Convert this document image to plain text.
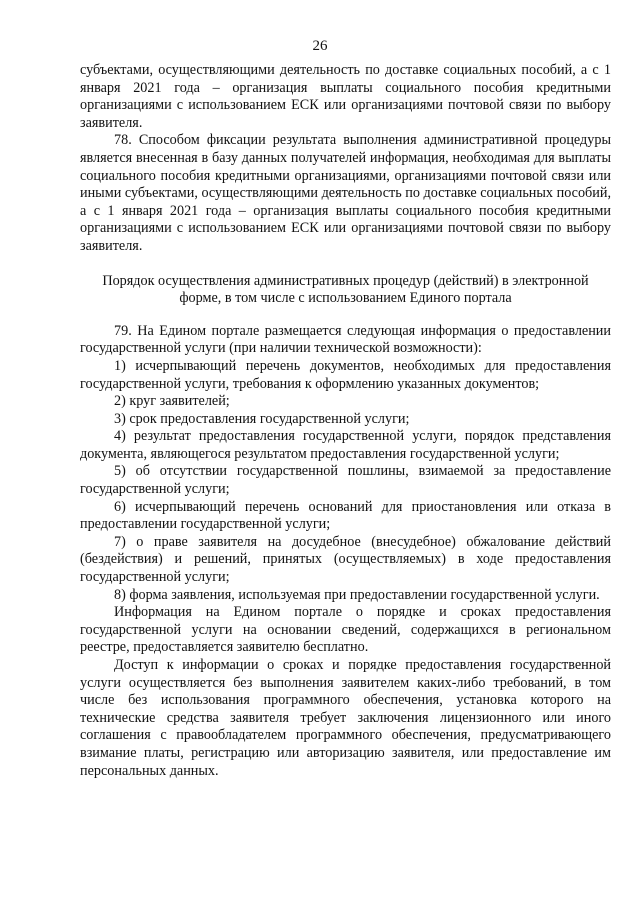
26

субъектами, осуществляющими деятельность по доставке социальных пособий, а с 1 января 2021 года – организация выплаты социального пособия кредитными организациями с использованием ЕСК или организациями почтовой связи по выбору заявителя.

78. Способом фиксации результата выполнения административной процедуры является внесенная в базу данных получателей информация, необходимая для выплаты социального пособия кредитными организациями, организациями почтовой связи или иными субъектами, осуществляющими деятельность по доставке социальных пособий, а с 1 января 2021 года – организация выплаты социального пособия кредитными организациями с использованием ЕСК или организациями почтовой связи по выбору заявителя.

Порядок осуществления административных процедур (действий) в электронной форме, в том числе с использованием Единого портала

79. На Едином портале размещается следующая информация о предоставлении государственной услуги (при наличии технической возможности):

1) исчерпывающий перечень документов, необходимых для предоставления государственной услуги, требования к оформлению указанных документов;

2) круг заявителей;

3) срок предоставления государственной услуги;

4) результат предоставления государственной услуги, порядок представления документа, являющегося результатом предоставления государственной услуги;

5) об отсутствии государственной пошлины, взимаемой за предоставление государственной услуги;

6) исчерпывающий перечень оснований для приостановления или отказа в предоставлении государственной услуги;

7) о праве заявителя на досудебное (внесудебное) обжалование действий (бездействия) и решений, принятых (осуществляемых) в ходе предоставления государственной услуги;

8) форма заявления, используемая при предоставлении государственной услуги.

Информация на Едином портале о порядке и сроках предоставления государственной услуги на основании сведений, содержащихся в региональном реестре, предоставляется заявителю бесплатно.

Доступ к информации о сроках и порядке предоставления государственной услуги осуществляется без выполнения заявителем каких-либо требований, в том числе без использования программного обеспечения, установка которого на технические средства заявителя требует заключения лицензионного или иного соглашения с правообладателем программного обеспечения, предусматривающего взимание платы, регистрацию или авторизацию заявителя, или предоставление им персональных данных.
